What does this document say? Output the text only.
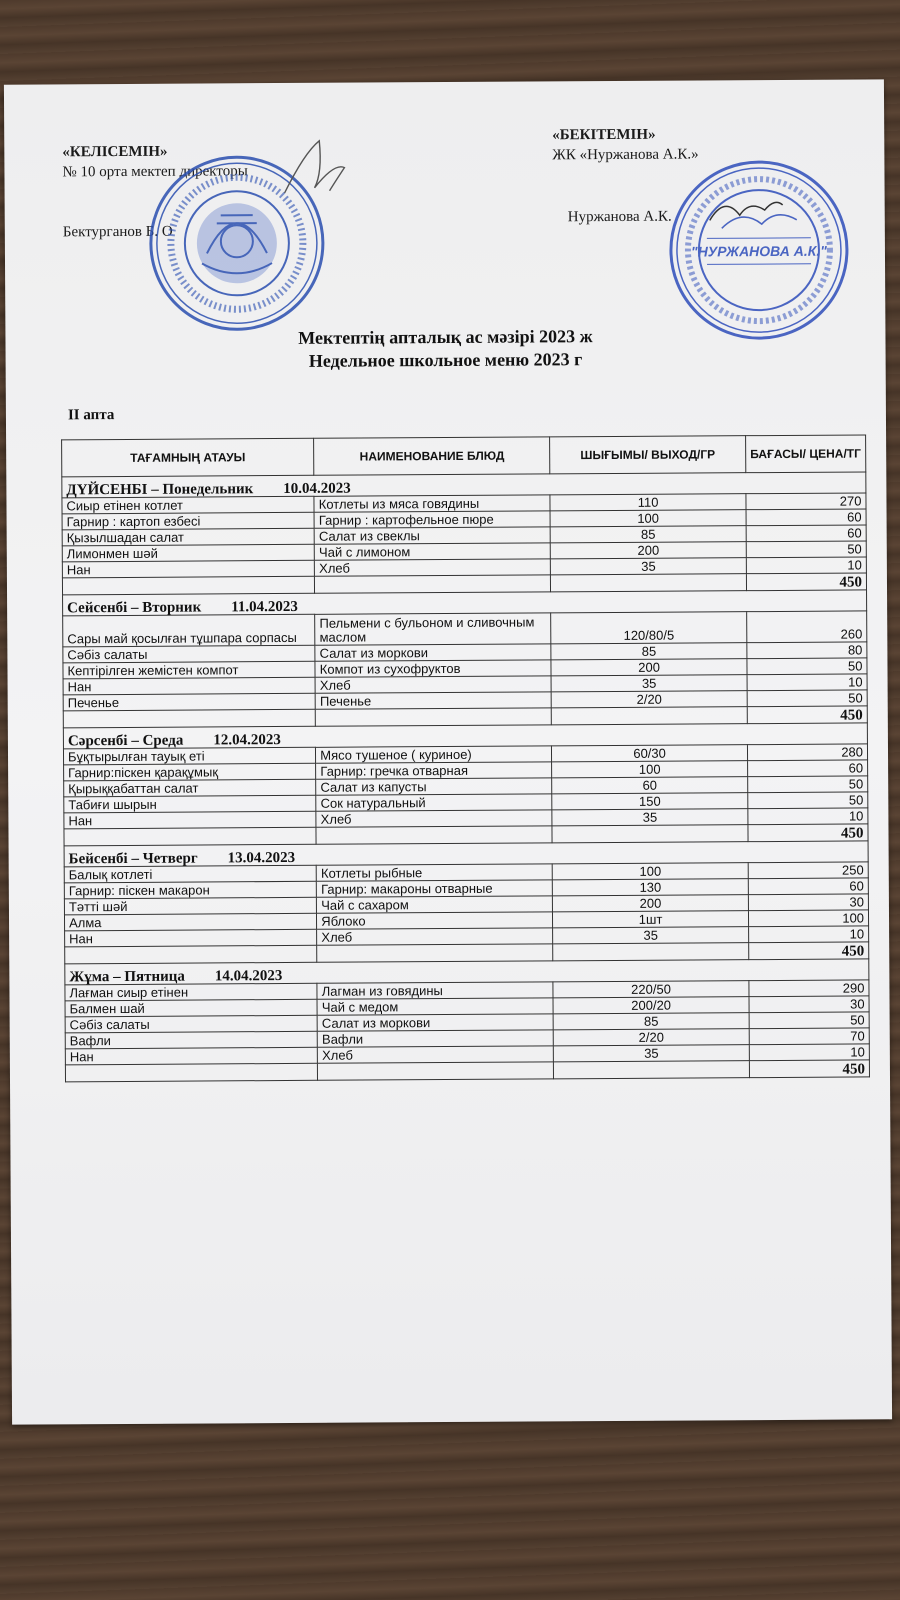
«КЕЛІСЕМІН»
№ 10 орта мектеп директоры
Бектурганов Б. О
«БЕКІТЕМІН»
ЖК «Нуржанова А.К.»
Нуржанова А.К.
"НУРЖАНОВА А.К."
Мектептің апталық ас мәзірі 2023 ж
Недельное школьное меню 2023 г
II апта
ТАҒАМНЫҢ АТАУЫ	НАИМЕНОВАНИЕ БЛЮД	ШЫҒЫМЫ/ ВЫХОД/ГР	БАҒАСЫ/ ЦЕНА/ТГ
ДҮЙСЕНБІ – Понедельник 10.04.2023			
Сиыр етінен котлет	Котлеты из мяса говядины	110	270
Гарнир : картоп езбесі	Гарнир : картофельное пюре	100	60
Қызылшадан салат	Салат из свеклы	85	60
Лимонмен шәй	Чай с лимоном	200	50
Нан	Хлеб	35	10
			450
Сейсенбі – Вторник 11.04.2023			
Сары май қосылған тұшпара сорпасы	Пельмени с бульоном и сливочным маслом	120/80/5	260
Сәбіз салаты	Салат из моркови	85	80
Кептірілген жемістен компот	Компот из сухофруктов	200	50
Нан	Хлеб	35	10
Печенье	Печенье	2/20	50
			450
Сәрсенбі – Среда 12.04.2023			
Бұқтырылған тауық еті	Мясо тушеное ( куриное)	60/30	280
Гарнир:піскен қарақұмық	Гарнир: гречка отварная	100	60
Қырыққабаттан салат	Салат из капусты	60	50
Табиғи шырын	Сок натуральный	150	50
Нан	Хлеб	35	10
			450
Бейсенбі – Четверг 13.04.2023			
Балық котлеті	Котлеты рыбные	100	250
Гарнир: піскен макарон	Гарнир: макароны отварные	130	60
Тәтті шәй	Чай с сахаром	200	30
Алма	Яблоко	1шт	100
Нан	Хлеб	35	10
			450
Жұма – Пятница 14.04.2023			
Лағман сиыр етінен	Лагман из говядины	220/50	290
Балмен шай	Чай с медом	200/20	30
Сәбіз салаты	Салат из моркови	85	50
Вафли	Вафли	2/20	70
Нан	Хлеб	35	10
			450
